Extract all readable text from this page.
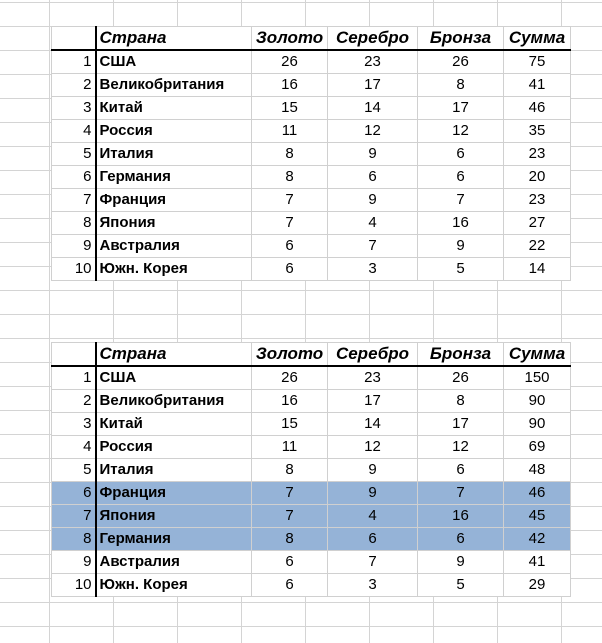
	Страна	Золото	Серебро	Бронза	Сумма
1	США	26	23	26	75
2	Великобритания	16	17	8	41
3	Китай	15	14	17	46
4	Россия	11	12	12	35
5	Италия	8	9	6	23
6	Германия	8	6	6	20
7	Франция	7	9	7	23
8	Япония	7	4	16	27
9	Австралия	6	7	9	22
10	Южн. Корея	6	3	5	14
	Страна	Золото	Серебро	Бронза	Сумма
1	США	26	23	26	150
2	Великобритания	16	17	8	90
3	Китай	15	14	17	90
4	Россия	11	12	12	69
5	Италия	8	9	6	48
6	Франция	7	9	7	46
7	Япония	7	4	16	45
8	Германия	8	6	6	42
9	Австралия	6	7	9	41
10	Южн. Корея	6	3	5	29
